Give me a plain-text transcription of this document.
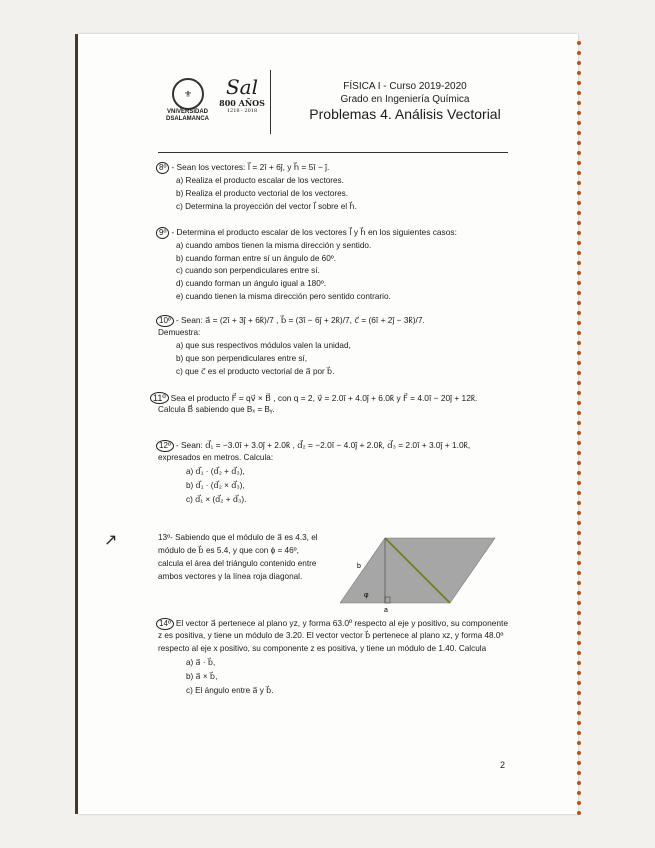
⚜
VNiVERSiDAD DSALAMANCA
Sal
800 AÑOS
1218 - 2018
FÍSICA I - Curso 2019-2020
Grado en Ingeniería Química
Problemas 4. Análisis Vectorial
8º - Sean los vectores: l⃗ = 2î + 6ĵ, y h⃗ = 5î − ĵ.
a) Realiza el producto escalar de los vectores.
b) Realiza el producto vectorial de los vectores.
c) Determina la proyección del vector l⃗ sobre el h⃗.
9º - Determina el producto escalar de los vectores l⃗ y h⃗ en los siguientes casos:
a) cuando ambos tienen la misma dirección y sentido.
b) cuando forman entre sí un ángulo de 60º.
c) cuando son perpendiculares entre sí.
d) cuando forman un ángulo igual a 180º.
e) cuando tienen la misma dirección pero sentido contrario.
10º - Sean: a⃗ = (2î + 3ĵ + 6k̂)/7 , b⃗ = (3î − 6ĵ + 2k̂)/7, c⃗ = (6î + 2ĵ − 3k̂)/7.
Demuestra:
a) que sus respectivos módulos valen la unidad,
b) que son perpendiculares entre sí,
c) que c⃗ es el producto vectorial de a⃗ por b⃗.
11º Sea el producto F⃗ = qv⃗ × B⃗ , con q = 2, v⃗ = 2.0î + 4.0ĵ + 6.0k̂ y F⃗ = 4.0î − 20ĵ + 12k̂.
Calcula B⃗ sabiendo que Bₓ = Bᵧ.
12º - Sean: d⃗₁ = −3.0î + 3.0ĵ + 2.0k̂ , d⃗₂ = −2.0î − 4.0ĵ + 2.0k̂, d⃗₃ = 2.0î + 3.0ĵ + 1.0k̂,
expresados en metros. Calcula:
a) d⃗₁ · (d⃗₂ + d⃗₃),
b) d⃗₁ · (d⃗₂ × d⃗₃),
c) d⃗₁ × (d⃗₂ + d⃗₃).
↗	13º- Sabiendo que el módulo de a⃗ es 4.3, el
módulo de b⃗ es 5.4, y que con ϕ = 46º,
calcula el área del triángulo contenido entre
ambos vectores y la línea roja diagonal.
b
φ
a
14º El vector a⃗ pertenece al plano yz, y forma 63.0º respecto al eje y positivo, su componente
z es positiva, y tiene un módulo de 3.20. El vector vector b⃗ pertenece al plano xz, y forma 48.0º
respecto al eje x positivo, su componente z es positiva, y tiene un módulo de 1.40. Calcula
a) a⃗ · b⃗,
b) a⃗ × b⃗,
c) El ángulo entre a⃗ y b⃗.
2
